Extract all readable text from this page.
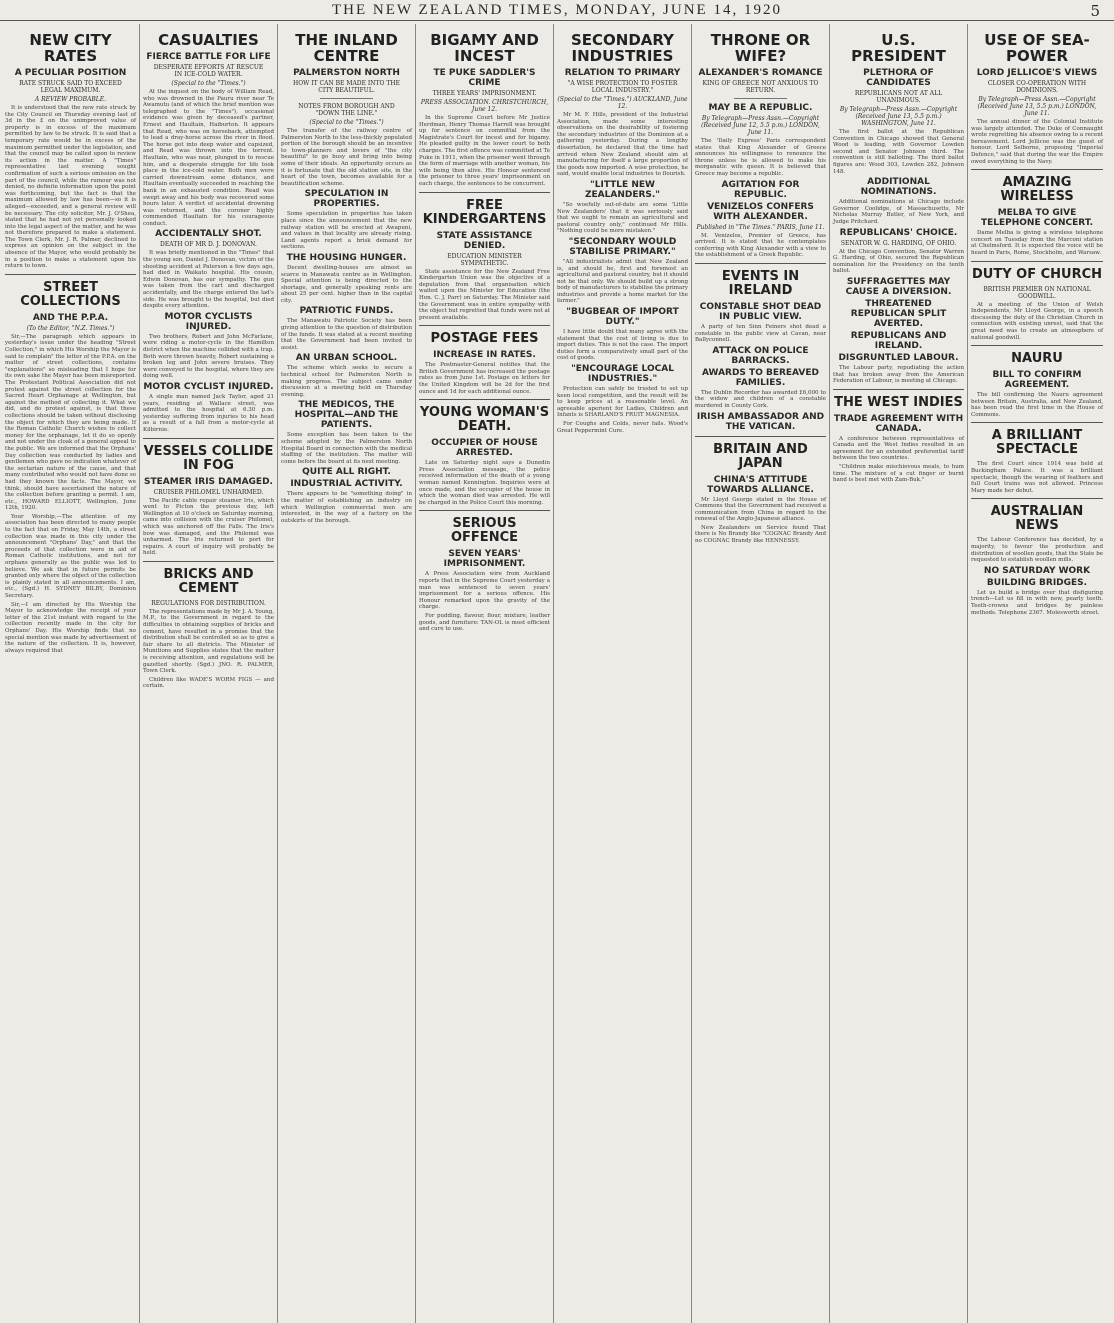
THE NEW ZEALAND TIMES, MONDAY, JUNE 14, 1920	5
NEW CITY RATES
A PECULIAR POSITION
RATE STRUCK SAID TO EXCEED LEGAL MAXIMUM.
A REVIEW PROBABLE.
It is understood that the new rate struck by the City Council on Thursday evening last of 3d in the £ on the unimproved value of property is in excess of the maximum permitted by law to be struck. It is said that a temporary rate would be in excess of the maximum permitted under the legislation, and that the council may be called upon to review its action in the matter. A "Times" representative last evening sought confirmation of such a serious omission on the part of the council, while the rumour was not denied, no definite information upon the point was forthcoming, but the fact is that the maximum allowed by law has been—so it is alleged—exceeded, and a general review will be necessary. The city solicitor, Mr. J. O'Shea, stated that he had not yet personally looked into the legal aspect of the matter, and he was not therefore prepared to make a statement. The Town Clerk, Mr. J. R. Palmer, declined to express an opinion on the subject in the absence of the Mayor, who would probably be in a position to make a statement upon his return to town.
STREET COLLECTIONS
AND THE P.P.A.
(To the Editor, "N.Z. Times.")
Sir,—The paragraph which appears in yesterday's issue under the heading "Street Collection," in which His Worship the Mayor is said to complain" the letter of the P.P.A. on the matter of street collections, contains "explanations" so misleading that I hope for its own sake the Mayor has been misreported. The Protestant Political Association did not protest against the street collection for the Sacred Heart Orphanage at Wellington, but against the method of collecting it. What we did, and do protest against, is that these collections should be taken without disclosing the object for which they are being made. If the Roman Catholic Church wishes to collect money for the orphanage, let it do so openly and not under the cloak of a general appeal to the public. We are informed that the Orphans' Day collection was conducted by ladies and gentlemen who gave no indication whatever of the sectarian nature of the cause, and that many contributed who would not have done so had they known the facts. The Mayor, we think, should have ascertained the nature of the collection before granting a permit. I am, etc., HOWARD ELLIOTT, Wellington, June 12th, 1920.
Your Worship,—The attention of my association has been directed to many people to the fact that on Friday, May 14th, a street collection was made in this city under the announcement "Orphans' Day," and that the proceeds of that collection were in aid of Roman Catholic institutions, and not for orphans generally as the public was led to believe. We ask that in future permits be granted only where the object of the collection is plainly stated in all announcements. I am, etc., (Sgd.) H. SYDNEY BILBY, Dominion Secretary.
Sir,—I am directed by His Worship the Mayor to acknowledge the receipt of your letter of the 21st instant with regard to the collection recently made in the city for Orphans' Day. His Worship finds that no special mention was made by advertisement of the nature of the collection. It is, however, always required that
CASUALTIES
FIERCE BATTLE FOR LIFE
DESPERATE EFFORTS AT RESCUE IN ICE-COLD WATER.
(Special to the "Times.")
At the inquest on the body of William Read, who was drowned in the Pauru river near Te Awamutu (and of which the brief mention was telegraphed to the "Times"), occasional evidence was given by deceased's partner, Ernest and Haultain, Haiburton. It appears that Read, who was on horseback, attempted to lead a dray-horse across the river in flood. The horse got into deep water and capsized, and Read was thrown into the torrent. Haultain, who was near, plunged in to rescue him, and a desperate struggle for life took place in the ice-cold water. Both men were carried downstream some distance, and Haultain eventually succeeded in reaching the bank in an exhausted condition. Read was swept away and his body was recovered some hours later. A verdict of accidental drowning was returned, and the coroner highly commended Haultain for his courageous conduct.
ACCIDENTALLY SHOT.
DEATH OF MR D. J. DONOVAN.
It was briefly mentioned in the "Times" that the young son, Daniel J. Donovan, victim of the shooting accident at Paterson a few days ago, had died in Waikato hospital. His cousin, Edwin Donovan, has our sympathy. The gun was taken from the cart and discharged accidentally, and the charge entered the lad's side. He was brought to the hospital, but died despite every attention.
MOTOR CYCLISTS INJURED.
Two brothers, Robert and John McFarlane, were riding a motor-cycle in the Hamilton district when the machine collided with a trap. Both were thrown heavily, Robert sustaining a broken leg and John severe bruises. They were conveyed to the hospital, where they are doing well.
MOTOR CYCLIST INJURED.
A single man named Jack Taylor, aged 21 years, residing at Wallace street, was admitted to the hospital at 6.30 p.m. yesterday suffering from injuries to his head as a result of a fall from a motor-cycle at Kilbirnie.
VESSELS COLLIDE IN FOG
STEAMER IRIS DAMAGED.
CRUISER PHILOMEL UNHARMED.
The Pacific cable repair steamer Iris, which went to Picton the previous day, left Wellington at 10 o'clock on Saturday morning, came into collision with the cruiser Philomel, which was anchored off the Falls. The Iris's bow was damaged, and the Philomel was unharmed. The Iris returned to port for repairs. A court of inquiry will probably be held.
BRICKS AND CEMENT
REGULATIONS FOR DISTRIBUTION.
The representations made by Mr J. A. Young, M.P., to the Government in regard to the difficulties in obtaining supplies of bricks and cement, have resulted in a promise that the distribution shall be controlled so as to give a fair share to all districts. The Minister of Munitions and Supplies states that the matter is receiving attention, and regulations will be gazetted shortly. (Sgd.) JNO. R. PALMER, Town Clerk.
Children like WADE'S WORM FIGS — and certain.
THE INLAND CENTRE
PALMERSTON NORTH
HOW IT CAN BE MADE INTO THE CITY BEAUTIFUL.
NOTES FROM BOROUGH AND "DOWN THE LINE."
(Special to the "Times.")
The transfer of the railway centre of Palmerston North to the less-thickly populated portion of the borough should be an incentive to town-planners and lovers of "the city beautiful" to go busy and bring into being some of their ideals. An opportunity occurs as it is fortunate that the old station site, in the heart of the town, becomes available for a beautification scheme.
SPECULATION IN PROPERTIES.
Some speculation in properties has taken place since the announcement that the new railway station will be erected at Awapuni, and values in that locality are already rising. Land agents report a brisk demand for sections.
THE HOUSING HUNGER.
Decent dwelling-houses are almost as scarce in Manawatu centre as in Wellington. Special attention is being directed to the shortage, and generally speaking rents are about 25 per cent. higher than in the capital city.
PATRIOTIC FUNDS.
The Manawatu Patriotic Society has been giving attention to the question of distribution of the funds. It was stated at a recent meeting that the Government had been invited to assist.
AN URBAN SCHOOL.
The scheme which seeks to secure a technical school for Palmerston North is making progress. The subject came under discussion at a meeting held on Thursday evening.
THE MEDICOS, THE HOSPITAL—AND THE PATIENTS.
Some exception has been taken to the scheme adopted by the Palmerston North Hospital Board in connection with the medical staffing of the institution. The matter will come before the board at its next meeting.
QUITE ALL RIGHT.
INDUSTRIAL ACTIVITY.
There appears to be "something doing" in the matter of establishing an industry on which Wellington commercial men are interested, in the way of a factory on the outskirts of the borough.
BIGAMY AND INCEST
TE PUKE SADDLER'S CRIME
THREE YEARS' IMPRISONMENT.
PRESS ASSOCIATION. CHRISTCHURCH, June 12.
In the Supreme Court before Mr Justice Herdman, Henry Thomas Harrell was brought up for sentence on committal from the Magistrate's Court for incest and for bigamy. He pleaded guilty in the lower court to both charges. The first offence was committed at Te Puke in 1911, when the prisoner went through the form of marriage with another woman, his wife being then alive. His Honour sentenced the prisoner to three years' imprisonment on each charge, the sentences to be concurrent.
FREE KINDERGARTENS
STATE ASSISTANCE DENIED.
EDUCATION MINISTER SYMPATHETIC.
State assistance for the New Zealand Free Kindergarten Union was the objective of a deputation from that organisation which waited upon the Minister for Education (the Hon. C. J. Parr) on Saturday. The Minister said the Government was in entire sympathy with the object but regretted that funds were not at present available.
POSTAGE FEES
INCREASE IN RATES.
The Postmaster-General notifies that the British Government has increased the postage rates as from June 1st. Postage on letters for the United Kingdom will be 2d for the first ounce and 1d for each additional ounce.
YOUNG WOMAN'S DEATH.
OCCUPIER OF HOUSE ARRESTED.
Late on Saturday night says a Dunedin Press Association message, the police received information of the death of a young woman named Kennington. Inquiries were at once made, and the occupier of the house in which the woman died was arrested. He will be charged in the Police Court this morning.
SERIOUS OFFENCE
SEVEN YEARS' IMPRISONMENT.
A Press Association wire from Auckland reports that in the Supreme Court yesterday a man was sentenced to seven years' imprisonment for a serious offence. His Honour remarked upon the gravity of the charge.
For pudding, flavour, flour, mixture, leather goods, and furniture: TAN-OL is most efficient and cure to use.
SECONDARY INDUSTRIES
RELATION TO PRIMARY
"A WISE PROTECTION TO FOSTER LOCAL INDUSTRY."
(Special to the "Times.") AUCKLAND, June 12.
Mr M. F. Hills, president of the Industrial Association, made some interesting observations on the desirability of fostering the secondary industries of the Dominion at a gathering yesterday. During a lengthy dissertation, he declared that the time had arrived when New Zealand should aim at manufacturing for itself a large proportion of the goods now imported. A wise protection, he said, would enable local industries to flourish.
"LITTLE NEW ZEALANDERS."
"So woefully out-of-date are some 'Little New Zealanders' that it was seriously said that we ought to remain an agricultural and pastoral country only," continued Mr Hills. "Nothing could be more mistaken."
"SECONDARY WOULD STABILISE PRIMARY."
"All industrialists admit that New Zealand is, and should be, first and foremost an agricultural and pastoral country, but it should not be that only. We should build up a strong body of manufacturers to stabilise the primary industries and provide a home market for the farmer."
"BUGBEAR OF IMPORT DUTY."
I have little doubt that many agree with the statement that the cost of living is due to import duties. This is not the case. The import duties form a comparatively small part of the cost of goods.
"ENCOURAGE LOCAL INDUSTRIES."
Protection can safely be trusted to set up keen local competition, and the result will be to keep prices at a reasonable level. An agreeable aperient for Ladies, Children and Infants is SHARLAND'S FRUIT MAGNESIA.
For Coughs and Colds, never fails. Wood's Great Peppermint Cure.
THRONE OR WIFE?
ALEXANDER'S ROMANCE
KING OF GREECE NOT ANXIOUS TO RETURN.
MAY BE A REPUBLIC.
By Telegraph—Press Assn.—Copyright (Received June 12, 5.5 p.m.) LONDON, June 11.
The 'Daily Express' Paris correspondent states that King Alexander of Greece announces his willingness to renounce the throne unless he is allowed to make his morganatic wife queen. It is believed that Greece may become a republic.
AGITATION FOR REPUBLIC.
VENIZELOS CONFERS WITH ALEXANDER.
Published in "The Times." PARIS, June 11.
M. Venizelos, Premier of Greece, has arrived. It is stated that he contemplates conferring with King Alexander with a view to the establishment of a Greek Republic.
EVENTS IN IRELAND
CONSTABLE SHOT DEAD IN PUBLIC VIEW.
A party of ten Sinn Feiners shot dead a constable in the public view at Cavan, near Ballyconnell.
ATTACK ON POLICE BARRACKS.
AWARDS TO BEREAVED FAMILIES.
The Dublin Recorder has awarded £6,000 to the widow and children of a constable murdered in County Cork.
IRISH AMBASSADOR AND THE VATICAN.
BRITAIN AND JAPAN
CHINA'S ATTITUDE TOWARDS ALLIANCE.
Mr Lloyd George stated in the House of Commons that the Government had received a communication from China in regard to the renewal of the Anglo-Japanese alliance.
New Zealanders on Service found That there is No Brandy like "COGNAC Brandy And no COGNAC Brandy like HENNESSY.
U.S. PRESIDENT
PLETHORA OF CANDIDATES
REPUBLICANS NOT AT ALL UNANIMOUS.
By Telegraph—Press Assn.—Copyright (Received June 13, 5.5 p.m.) WASHINGTON, June 11.
The first ballot at the Republican Convention in Chicago showed that General Wood is leading, with Governor Lowden second and Senator Johnson third. The convention is still balloting. The third ballot figures are: Wood 303, Lowden 282, Johnson 148.
ADDITIONAL NOMINATIONS.
Additional nominations at Chicago include Governor Coolidge, of Massachusetts, Mr Nicholas Murray Butler, of New York, and Judge Pritchard.
REPUBLICANS' CHOICE.
SENATOR W. G. HARDING, OF OHIO.
At the Chicago Convention, Senator Warren G. Harding, of Ohio, secured the Republican nomination for the Presidency on the tenth ballot.
SUFFRAGETTES MAY CAUSE A DIVERSION.
THREATENED REPUBLICAN SPLIT AVERTED.
REPUBLICANS AND IRELAND.
DISGRUNTLED LABOUR.
The Labour party, repudiating the action that has broken away from the American Federation of Labour, is meeting at Chicago.
THE WEST INDIES
TRADE AGREEMENT WITH CANADA.
A conference between representatives of Canada and the West Indies resulted in an agreement for an extended preferential tariff between the two countries.
"Children make mischievous meals, to hum time. The mixture of a cut finger or burnt hand is best met with Zam-Buk."
USE OF SEA-POWER
LORD JELLICOE'S VIEWS
CLOSER CO-OPERATION WITH DOMINIONS.
By Telegraph—Press Assn.—Copyright (Received June 13, 5.5 p.m.) LONDON, June 11.
The annual dinner of the Colonial Institute was largely attended. The Duke of Connaught wrote regretting his absence owing to a recent bereavement. Lord Jellicoe was the guest of honour. Lord Selborne, proposing "Imperial Defence," said that during the war the Empire owed everything to the Navy.
AMAZING WIRELESS
MELBA TO GIVE TELEPHONE CONCERT.
Dame Melba is giving a wireless telephone concert on Tuesday from the Marconi station at Chelmsford. It is expected the voice will be heard in Paris, Rome, Stockholm, and Warsaw.
DUTY OF CHURCH
BRITISH PREMIER ON NATIONAL GOODWILL.
At a meeting of the Union of Welsh Independents, Mr Lloyd George, in a speech discussing the duty of the Christian Church in connection with existing unrest, said that the great need was to create an atmosphere of national goodwill.
NAURU
BILL TO CONFIRM AGREEMENT.
The bill confirming the Nauru agreement between Britain, Australia, and New Zealand, has been read the first time in the House of Commons.
A BRILLIANT SPECTACLE
The first Court since 1914 was held at Buckingham Palace. It was a brilliant spectacle, though the wearing of feathers and full Court trains was not allowed. Princess Mary made her debut.
AUSTRALIAN NEWS
The Labour Conference has decided, by a majority, to favour the production and distribution of woollen goods, that the State be requested to establish woollen mills.
NO SATURDAY WORK
BUILDING BRIDGES.
Let us build a bridge over that disfiguring trench—Let us fill in with new, pearly teeth. Teeth-crowns and bridges by painless methods. Telephone 2367. Molesworth street.
